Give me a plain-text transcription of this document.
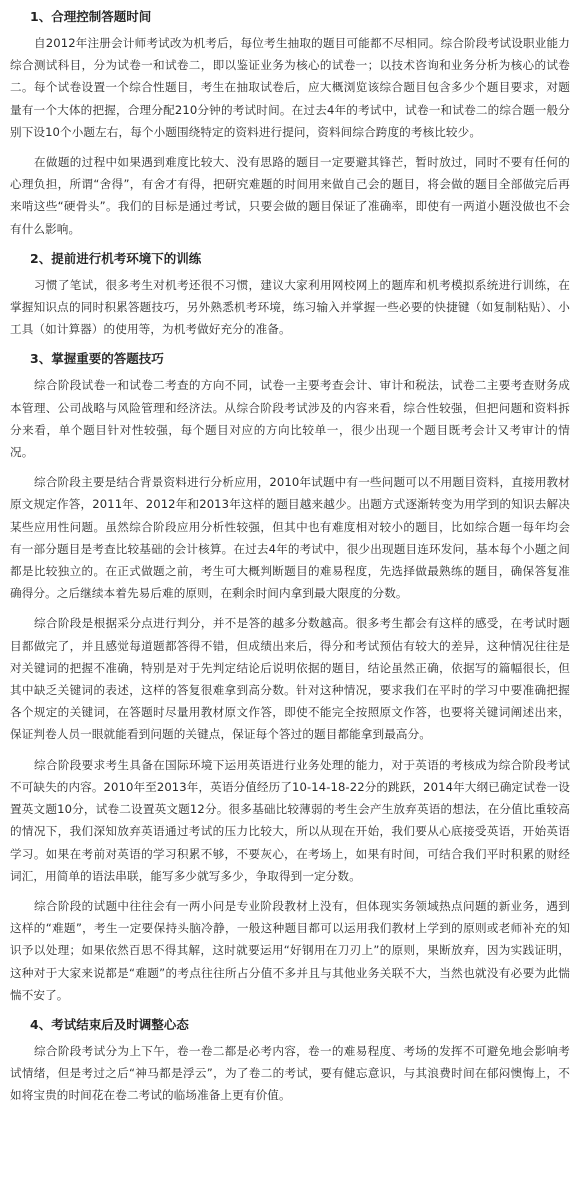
1、合理控制答题时间

自2012年注册会计师考试改为机考后，每位考生抽取的题目可能都不尽相同。综合阶段考试设职业能力综合测试科目，分为试卷一和试卷二，即以鉴证业务为核心的试卷一；以技术咨询和业务分析为核心的试卷二。每个试卷设置一个综合性题目，考生在抽取试卷后，应大概浏览该综合题目包含多少个题目要求，对题量有一个大体的把握，合理分配210分钟的考试时间。在过去4年的考试中，试卷一和试卷二的综合题一般分别下设10个小题左右，每个小题围绕特定的资料进行提问，资料间综合跨度的考核比较少。

在做题的过程中如果遇到难度比较大、没有思路的题目一定要避其锋芒，暂时放过，同时不要有任何的心理负担，所谓“舍得”，有舍才有得，把研究难题的时间用来做自己会的题目，将会做的题目全部做完后再来啃这些“硬骨头”。我们的目标是通过考试，只要会做的题目保证了准确率，即使有一两道小题没做也不会有什么影响。

2、提前进行机考环境下的训练

习惯了笔试，很多考生对机考还很不习惯，建议大家利用网校网上的题库和机考模拟系统进行训练，在掌握知识点的同时积累答题技巧，另外熟悉机考环境，练习输入并掌握一些必要的快捷键（如复制粘贴）、小工具（如计算器）的使用等，为机考做好充分的准备。

3、掌握重要的答题技巧

综合阶段试卷一和试卷二考查的方向不同，试卷一主要考查会计、审计和税法，试卷二主要考查财务成本管理、公司战略与风险管理和经济法。从综合阶段考试涉及的内容来看，综合性较强，但把问题和资料拆分来看，单个题目针对性较强，每个题目对应的方向比较单一，很少出现一个题目既考会计又考审计的情况。

综合阶段主要是结合背景资料进行分析应用，2010年试题中有一些问题可以不用题目资料，直接用教材原文规定作答，2011年、2012年和2013年这样的题目越来越少。出题方式逐渐转变为用学到的知识去解决某些应用性问题。虽然综合阶段应用分析性较强，但其中也有难度相对较小的题目，比如综合题一每年均会有一部分题目是考查比较基础的会计核算。在过去4年的考试中，很少出现题目连环发问，基本每个小题之间都是比较独立的。在正式做题之前，考生可大概判断题目的难易程度，先选择做最熟练的题目，确保答复准确得分。之后继续本着先易后难的原则，在剩余时间内拿到最大限度的分数。

综合阶段是根据采分点进行判分，并不是答的越多分数越高。很多考生都会有这样的感受，在考试时题目都做完了，并且感觉每道题都答得不错，但成绩出来后，得分和考试预估有较大的差异，这种情况往往是对关键词的把握不准确，特别是对于先判定结论后说明依据的题目，结论虽然正确，依据写的篇幅很长，但其中缺乏关键词的表述，这样的答复很难拿到高分数。针对这种情况，要求我们在平时的学习中要准确把握各个规定的关键词，在答题时尽量用教材原文作答，即使不能完全按照原文作答，也要将关键词阐述出来，保证判卷人员一眼就能看到问题的关键点，保证每个答过的题目都能拿到最高分。

综合阶段要求考生具备在国际环境下运用英语进行业务处理的能力，对于英语的考核成为综合阶段考试不可缺失的内容。2010年至2013年，英语分值经历了10-14-18-22分的跳跃，2014年大纲已确定试卷一设置英文题10分，试卷二设置英文题12分。很多基础比较薄弱的考生会产生放弃英语的想法，在分值比重较高的情况下，我们深知放弃英语通过考试的压力比较大，所以从现在开始，我们要从心底接受英语，开始英语学习。如果在考前对英语的学习积累不够，不要灰心，在考场上，如果有时间，可结合我们平时积累的财经词汇，用简单的语法串联，能写多少就写多少，争取得到一定分数。

综合阶段的试题中往往会有一两小问是专业阶段教材上没有，但体现实务领域热点问题的新业务，遇到这样的“难题”，考生一定要保持头脑冷静，一般这种题目都可以运用我们教材上学到的原则或老师补充的知识予以处理；如果依然百思不得其解，这时就要运用“好钢用在刀刃上”的原则，果断放弃，因为实践证明，这种对于大家来说都是“难题”的考点往往所占分值不多并且与其他业务关联不大，当然也就没有必要为此惴惴不安了。

4、考试结束后及时调整心态

综合阶段考试分为上下午，卷一卷二都是必考内容，卷一的难易程度、考场的发挥不可避免地会影响考试情绪，但是考过之后“神马都是浮云”，为了卷二的考试，要有健忘意识，与其浪费时间在郁闷懊悔上，不如将宝贵的时间花在卷二考试的临场准备上更有价值。
